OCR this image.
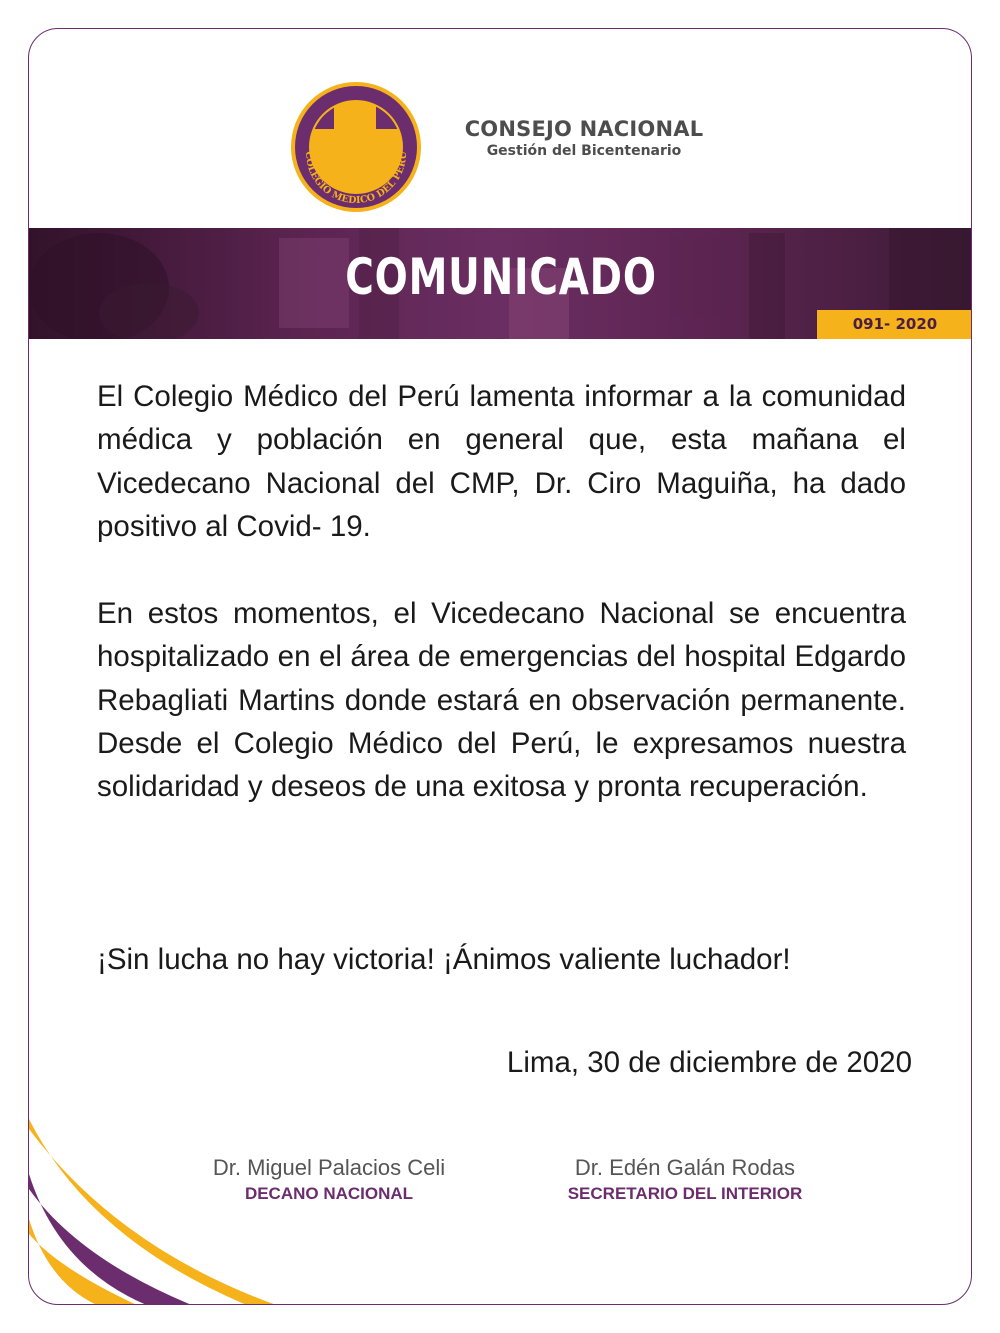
COLEGIO MEDICO DEL PERU
CONSEJO NACIONAL
Gestión del Bicentenario
COMUNICADO
091- 2020
El Colegio Médico del Perú lamenta informar a la comunidad médica y población en general que, esta mañana el Vicedecano Nacional del CMP, Dr. Ciro Maguiña, ha dado positivo al Covid- 19.
En estos momentos, el Vicedecano Nacional se encuentra hospitalizado en el área de emergencias del hospital Edgardo Rebagliati Martins donde estará en observación permanente. Desde el Colegio Médico del Perú, le expresamos nuestra solidaridad y deseos de una exitosa y pronta recuperación.
¡Sin lucha no hay victoria! ¡Ánimos valiente luchador!
Lima, 30 de diciembre de 2020
Dr. Miguel Palacios Celi
DECANO NACIONAL
Dr. Edén Galán Rodas
SECRETARIO DEL INTERIOR
